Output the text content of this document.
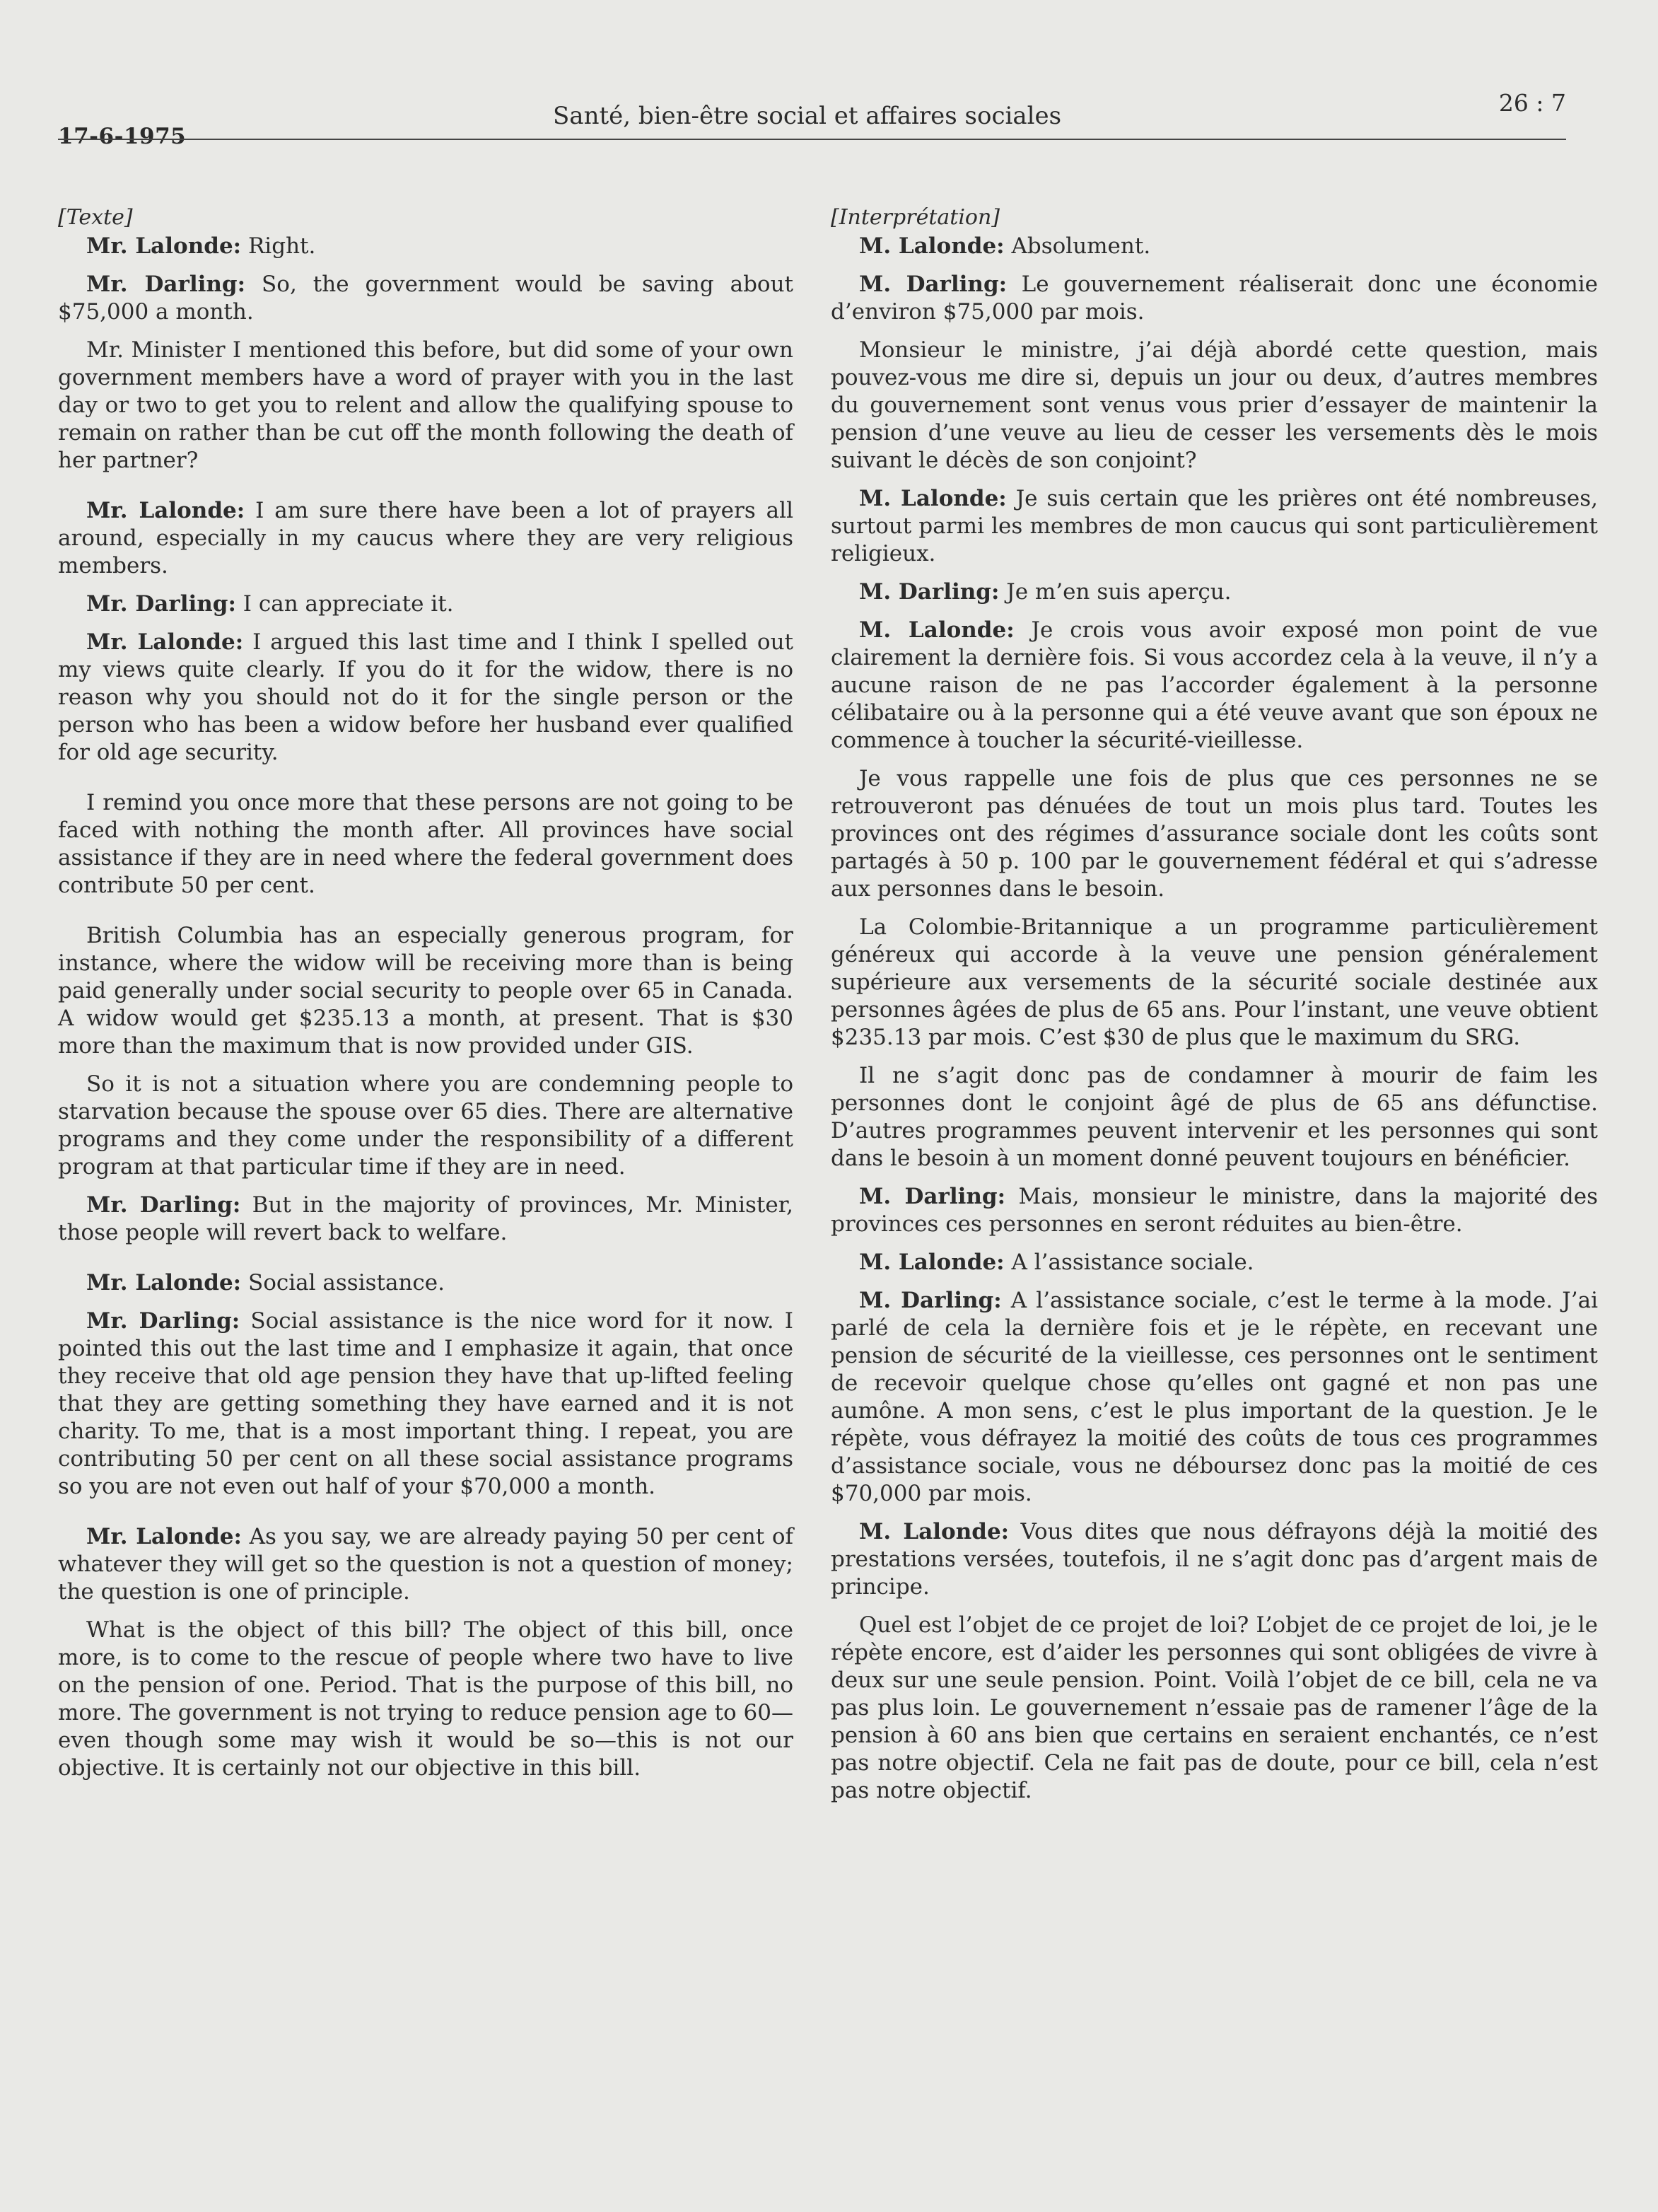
17-6-1975
Santé, bien-être social et affaires sociales	26 : 7
[Texte]

Mr. Lalonde: Right.

Mr. Darling: So, the government would be saving about $75,000 a month.

Mr. Minister I mentioned this before, but did some of your own government members have a word of prayer with you in the last day or two to get you to relent and allow the qualifying spouse to remain on rather than be cut off the month following the death of her partner?

Mr. Lalonde: I am sure there have been a lot of prayers all around, especially in my caucus where they are very religious members.

Mr. Darling: I can appreciate it.

Mr. Lalonde: I argued this last time and I think I spelled out my views quite clearly. If you do it for the widow, there is no reason why you should not do it for the single person or the person who has been a widow before her husband ever qualified for old age security.

I remind you once more that these persons are not going to be faced with nothing the month after. All provinces have social assistance if they are in need where the federal government does contribute 50 per cent.

British Columbia has an especially generous program, for instance, where the widow will be receiving more than is being paid generally under social security to people over 65 in Canada. A widow would get $235.13 a month, at present. That is $30 more than the maximum that is now provided under GIS.

So it is not a situation where you are condemning people to starvation because the spouse over 65 dies. There are alternative programs and they come under the responsibility of a different program at that particular time if they are in need.

Mr. Darling: But in the majority of provinces, Mr. Minister, those people will revert back to welfare.

Mr. Lalonde: Social assistance.

Mr. Darling: Social assistance is the nice word for it now. I pointed this out the last time and I emphasize it again, that once they receive that old age pension they have that up-lifted feeling that they are getting something they have earned and it is not charity. To me, that is a most important thing. I repeat, you are contributing 50 per cent on all these social assistance programs so you are not even out half of your $70,000 a month.

Mr. Lalonde: As you say, we are already paying 50 per cent of whatever they will get so the question is not a question of money; the question is one of principle.

What is the object of this bill? The object of this bill, once more, is to come to the rescue of people where two have to live on the pension of one. Period. That is the purpose of this bill, no more. The government is not trying to reduce pension age to 60—even though some may wish it would be so—this is not our objective. It is certainly not our objective in this bill.

[Interprétation]

M. Lalonde: Absolument.

M. Darling: Le gouvernement réaliserait donc une économie d’environ $75,000 par mois.

Monsieur le ministre, j’ai déjà abordé cette question, mais pouvez-vous me dire si, depuis un jour ou deux, d’autres membres du gouvernement sont venus vous prier d’essayer de maintenir la pension d’une veuve au lieu de cesser les versements dès le mois suivant le décès de son conjoint?

M. Lalonde: Je suis certain que les prières ont été nombreuses, surtout parmi les membres de mon caucus qui sont particulièrement religieux.

M. Darling: Je m’en suis aperçu.

M. Lalonde: Je crois vous avoir exposé mon point de vue clairement la dernière fois. Si vous accordez cela à la veuve, il n’y a aucune raison de ne pas l’accorder également à la personne célibataire ou à la personne qui a été veuve avant que son époux ne commence à toucher la sécurité-vieillesse.

Je vous rappelle une fois de plus que ces personnes ne se retrouveront pas dénuées de tout un mois plus tard. Toutes les provinces ont des régimes d’assurance sociale dont les coûts sont partagés à 50 p. 100 par le gouvernement fédéral et qui s’adresse aux personnes dans le besoin.

La Colombie-Britannique a un programme particulièrement généreux qui accorde à la veuve une pension généralement supérieure aux versements de la sécurité sociale destinée aux personnes âgées de plus de 65 ans. Pour l’instant, une veuve obtient $235.13 par mois. C’est $30 de plus que le maximum du SRG.

Il ne s’agit donc pas de condamner à mourir de faim les personnes dont le conjoint âgé de plus de 65 ans défunctise. D’autres programmes peuvent intervenir et les personnes qui sont dans le besoin à un moment donné peuvent toujours en bénéficier.

M. Darling: Mais, monsieur le ministre, dans la majorité des provinces ces personnes en seront réduites au bien-être.

M. Lalonde: A l’assistance sociale.

M. Darling: A l’assistance sociale, c’est le terme à la mode. J’ai parlé de cela la dernière fois et je le répète, en recevant une pension de sécurité de la vieillesse, ces personnes ont le sentiment de recevoir quelque chose qu’elles ont gagné et non pas une aumône. A mon sens, c’est le plus important de la question. Je le répète, vous défrayez la moitié des coûts de tous ces programmes d’assistance sociale, vous ne déboursez donc pas la moitié de ces $70,000 par mois.

M. Lalonde: Vous dites que nous défrayons déjà la moitié des prestations versées, toutefois, il ne s’agit donc pas d’argent mais de principe.

Quel est l’objet de ce projet de loi? L’objet de ce projet de loi, je le répète encore, est d’aider les personnes qui sont obligées de vivre à deux sur une seule pension. Point. Voilà l’objet de ce bill, cela ne va pas plus loin. Le gouvernement n’essaie pas de ramener l’âge de la pension à 60 ans bien que certains en seraient enchantés, ce n’est pas notre objectif. Cela ne fait pas de doute, pour ce bill, cela n’est pas notre objectif.
